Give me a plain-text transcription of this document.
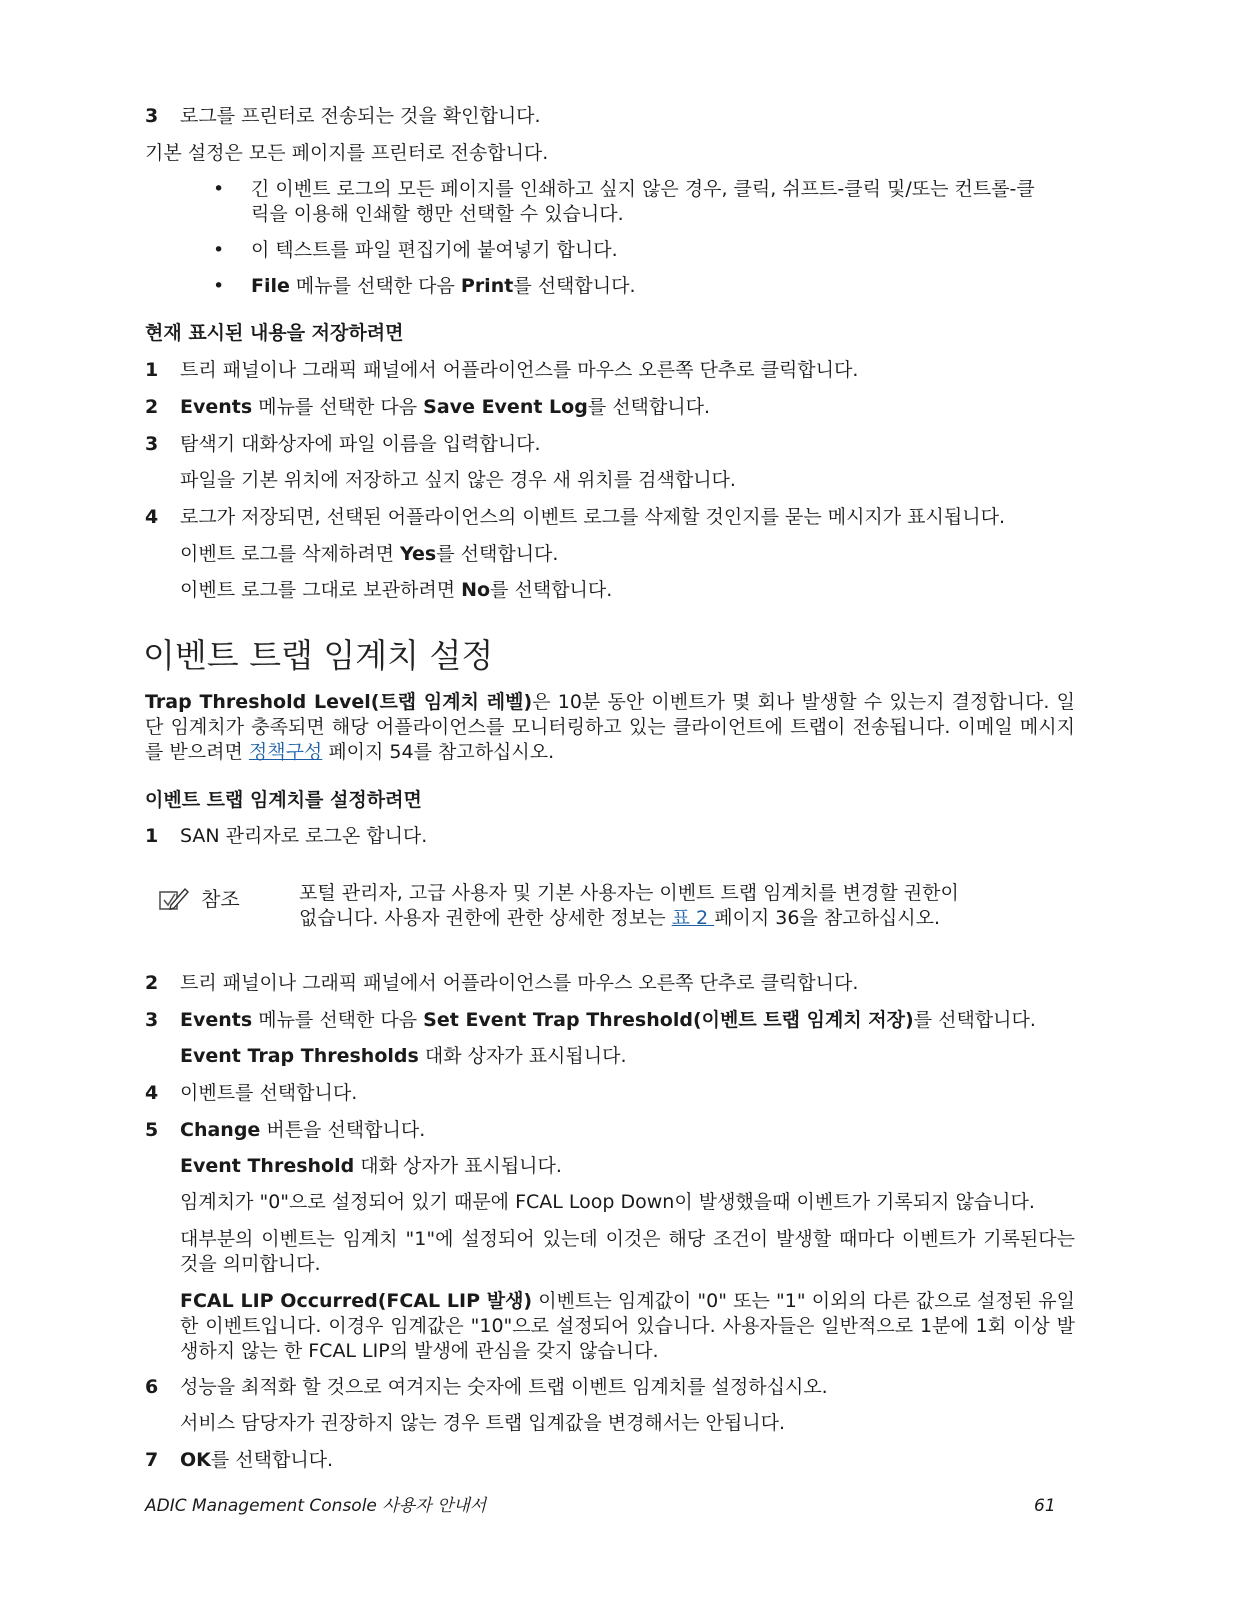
3 로그를 프린터로 전송되는 것을 확인합니다.
기본 설정은 모든 페이지를 프린터로 전송합니다.
• 긴 이벤트 로그의 모든 페이지를 인쇄하고 싶지 않은 경우, 클릭, 쉬프트-클릭 및/또는 컨트롤-클
릭을 이용해 인쇄할 행만 선택할 수 있습니다.
• 이 텍스트를 파일 편집기에 붙여넣기 합니다.
• File 메뉴를 선택한 다음 Print를 선택합니다.
현재 표시된 내용을 저장하려면
1 트리 패널이나 그래픽 패널에서 어플라이언스를 마우스 오른쪽 단추로 클릭합니다.
2 Events 메뉴를 선택한 다음 Save Event Log를 선택합니다.
3 탐색기 대화상자에 파일 이름을 입력합니다.
파일을 기본 위치에 저장하고 싶지 않은 경우 새 위치를 검색합니다.
4 로그가 저장되면, 선택된 어플라이언스의 이벤트 로그를 삭제할 것인지를 묻는 메시지가 표시됩니다.
이벤트 로그를 삭제하려면 Yes를 선택합니다.
이벤트 로그를 그대로 보관하려면 No를 선택합니다.
이벤트 트랩 임계치 설정
Trap Threshold Level(트랩 임계치 레벨)은 10분 동안 이벤트가 몇 회나 발생할 수 있는지 결정합니다. 일단 임계치가 충족되면 해당 어플라이언스를 모니터링하고 있는 클라이언트에 트랩이 전송됩니다. 이메일 메시지를 받으려면 정책구성 페이지 54를 참고하십시오.
이벤트 트랩 임계치를 설정하려면
1 SAN 관리자로 로그온 합니다.
참조	포털 관리자, 고급 사용자 및 기본 사용자는 이벤트 트랩 임계치를 변경할 권한이
없습니다. 사용자 권한에 관한 상세한 정보는 표 2 페이지 36을 참고하십시오.
2 트리 패널이나 그래픽 패널에서 어플라이언스를 마우스 오른쪽 단추로 클릭합니다.
3 Events 메뉴를 선택한 다음 Set Event Trap Threshold(이벤트 트랩 임계치 저장)를 선택합니다.
Event Trap Thresholds 대화 상자가 표시됩니다.
4 이벤트를 선택합니다.
5 Change 버튼을 선택합니다.
Event Threshold 대화 상자가 표시됩니다.
임계치가 "0"으로 설정되어 있기 때문에 FCAL Loop Down이 발생했을때 이벤트가 기록되지 않습니다.
대부분의 이벤트는 임계치 "1"에 설정되어 있는데 이것은 해당 조건이 발생할 때마다 이벤트가 기록된다는 것을 의미합니다.
FCAL LIP Occurred(FCAL LIP 발생) 이벤트는 임계값이 "0" 또는 "1" 이외의 다른 값으로 설정된 유일한 이벤트입니다. 이경우 임계값은 "10"으로 설정되어 있습니다. 사용자들은 일반적으로 1분에 1회 이상 발생하지 않는 한 FCAL LIP의 발생에 관심을 갖지 않습니다.
6 성능을 최적화 할 것으로 여겨지는 숫자에 트랩 이벤트 임계치를 설정하십시오.
서비스 담당자가 권장하지 않는 경우 트랩 입계값을 변경해서는 안됩니다.
7 OK를 선택합니다.
ADIC Management Console 사용자 안내서	61
